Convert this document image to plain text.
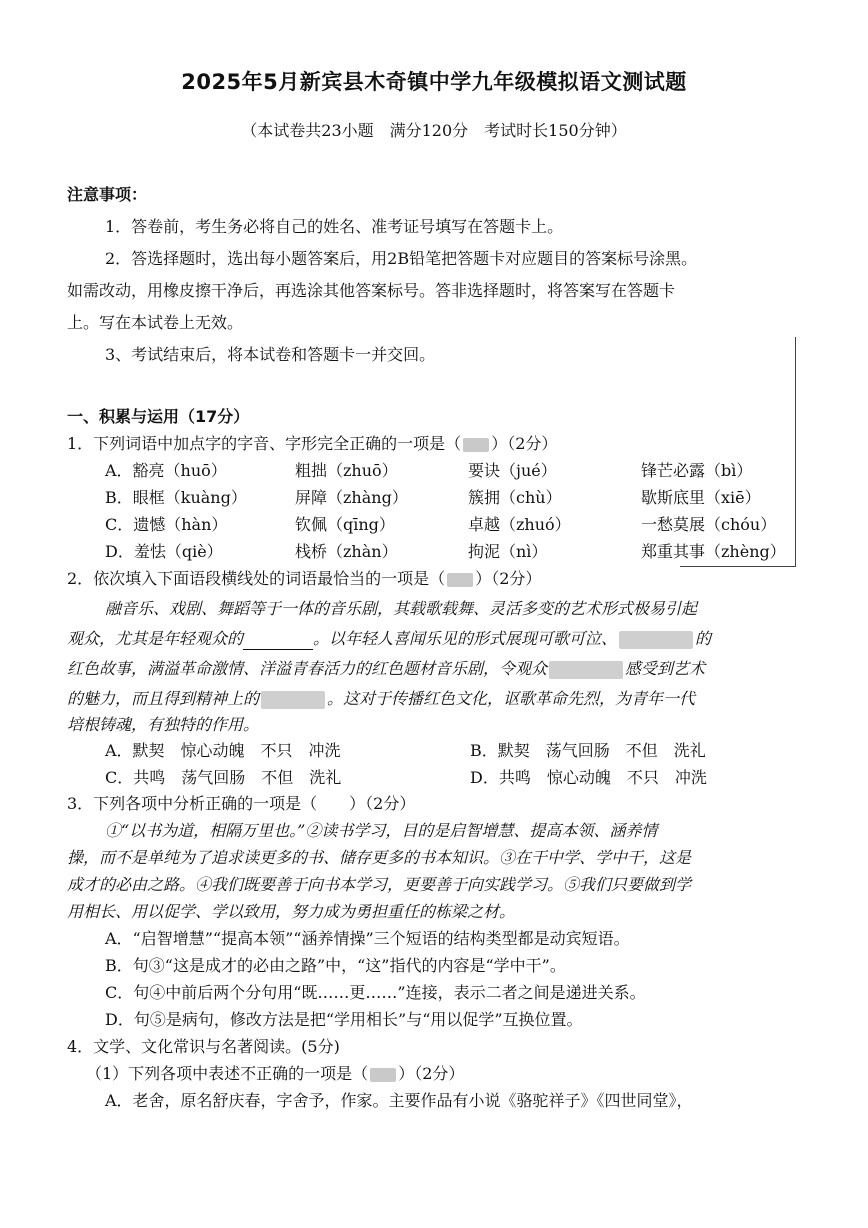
2025年5月新宾县木奇镇中学九年级模拟语文测试题
（本试卷共23小题　满分120分　考试时长150分钟）
注意事项：
1．答卷前，考生务必将自己的姓名、准考证号填写在答题卡上。
2．答选择题时，选出每小题答案后，用2B铅笔把答题卡对应题目的答案标号涂黑。
如需改动，用橡皮擦干净后，再选涂其他答案标号。答非选择题时，将答案写在答题卡
上。写在本试卷上无效。
3、考试结束后，将本试卷和答题卡一并交回。
一、积累与运用（17分）
1．下列词语中加点字的字音、字形完全正确的一项是（ ）（2分）
A．豁亮（huō）	粗拙（zhuō）	要诀（jué）	锋芒必露（bì）
B．眼框（kuàng）	屏障（zhàng）	簇拥（chù）	歇斯底里（xiē）
C．遗憾（hàn）	钦佩（qīng）	卓越（zhuó）	一愁莫展（chóu）
D．羞怯（qiè）	栈桥（zhàn）	拘泥（nì）	郑重其事（zhèng）
2．依次填入下面语段横线处的词语最恰当的一项是（ ）（2分）
融音乐、戏剧、舞蹈等于一体的音乐剧，其载歌载舞、灵活多变的艺术形式极易引起
观众，尤其是年轻观众的	。以年轻人喜闻乐见的形式展现可歌可泣、	的
红色故事，满溢革命激情、洋溢青春活力的红色题材音乐剧，令观众	感受到艺术
的魅力，而且得到精神上的	。这对于传播红色文化，讴歌革命先烈，为青年一代
培根铸魂，有独特的作用。
A．默契　惊心动魄　不只　冲洗	B．默契　荡气回肠　不但　洗礼
C．共鸣　荡气回肠　不但　洗礼	D．共鸣　惊心动魄　不只　冲洗
3．下列各项中分析正确的一项是（　　）（2分）
①“以书为道，相隔万里也。”②读书学习，目的是启智增慧、提高本领、涵养情
操，而不是单纯为了追求读更多的书、储存更多的书本知识。③在干中学、学中干，这是
成才的必由之路。④我们既要善于向书本学习，更要善于向实践学习。⑤我们只要做到学
用相长、用以促学、学以致用，努力成为勇担重任的栋梁之材。
A．“启智增慧”“提高本领”“涵养情操”三个短语的结构类型都是动宾短语。
B．句③“这是成才的必由之路”中，“这”指代的内容是“学中干”。
C．句④中前后两个分句用“既……更……”连接，表示二者之间是递进关系。
D．句⑤是病句，修改方法是把“学用相长”与“用以促学”互换位置。
4．文学、文化常识与名著阅读。(5分)
（1）下列各项中表述不正确的一项是（ ）（2分）
A．老舍，原名舒庆春，字舍予，作家。主要作品有小说《骆驼祥子》《四世同堂》，
